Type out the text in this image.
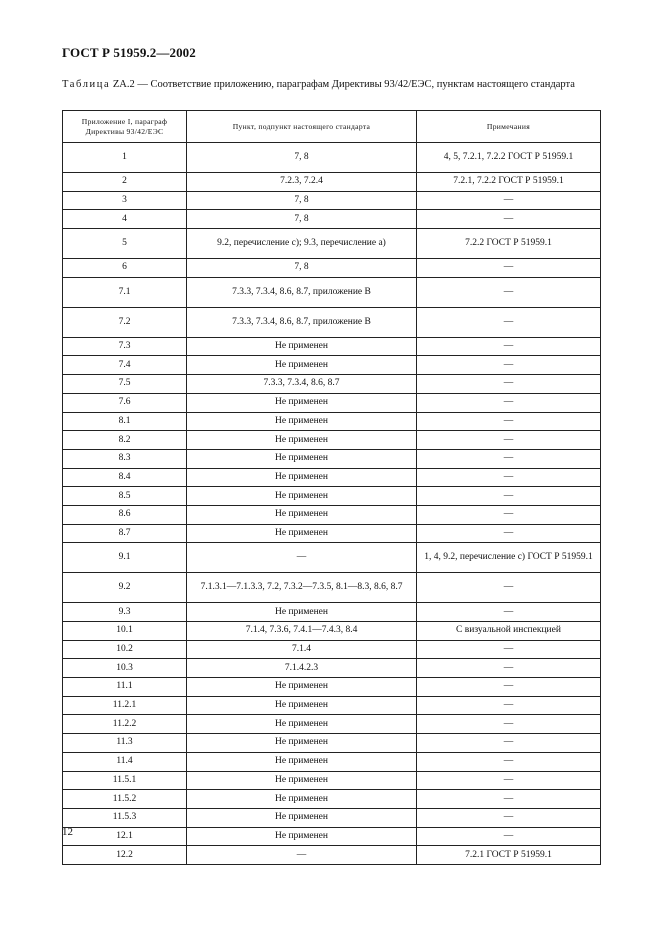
ГОСТ Р 51959.2—2002
Таблица ZA.2 — Соответствие приложению, параграфам Директивы 93/42/ЕЭС, пунктам настоящего стандарта
Приложение I, параграф Директивы 93/42/ЕЭС	Пункт, подпункт настоящего стандарта	Примечания
1	7, 8	4, 5, 7.2.1, 7.2.2 ГОСТ Р 51959.1
2	7.2.3, 7.2.4	7.2.1, 7.2.2 ГОСТ Р 51959.1
3	7, 8	—
4	7, 8	—
5	9.2, перечисление с); 9.3, перечисление а)	7.2.2 ГОСТ Р 51959.1
6	7, 8	—
7.1	7.3.3, 7.3.4, 8.6, 8.7, приложение В	—
7.2	7.3.3, 7.3.4, 8.6, 8.7, приложение В	—
7.3	Не применен	—
7.4	Не применен	—
7.5	7.3.3, 7.3.4, 8.6, 8.7	—
7.6	Не применен	—
8.1	Не применен	—
8.2	Не применен	—
8.3	Не применен	—
8.4	Не применен	—
8.5	Не применен	—
8.6	Не применен	—
8.7	Не применен	—
9.1	—	1, 4, 9.2, перечисление с) ГОСТ Р 51959.1
9.2	7.1.3.1—7.1.3.3, 7.2, 7.3.2—7.3.5, 8.1—8.3, 8.6, 8.7	—
9.3	Не применен	—
10.1	7.1.4, 7.3.6, 7.4.1—7.4.3, 8.4	С визуальной инспекцией
10.2	7.1.4	—
10.3	7.1.4.2.3	—
11.1	Не применен	—
11.2.1	Не применен	—
11.2.2	Не применен	—
11.3	Не применен	—
11.4	Не применен	—
11.5.1	Не применен	—
11.5.2	Не применен	—
11.5.3	Не применен	—
12.1	Не применен	—
12.2	—	7.2.1 ГОСТ Р 51959.1
12
